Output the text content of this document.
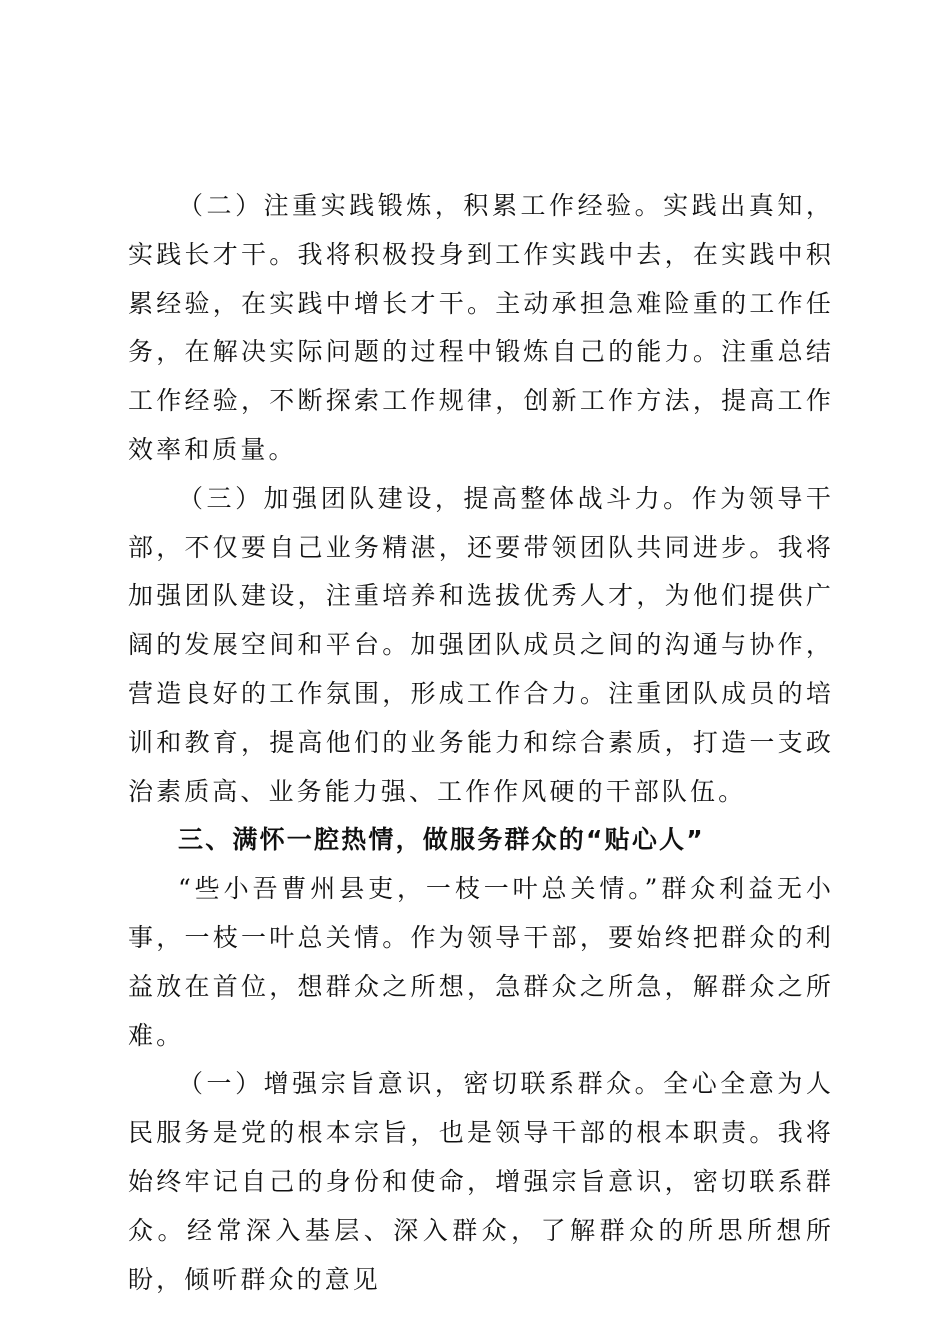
（二）注重实践锻炼，积累工作经验。实践出真知，实践长才干。我将积极投身到工作实践中去，在实践中积累经验，在实践中增长才干。主动承担急难险重的工作任务，在解决实际问题的过程中锻炼自己的能力。注重总结工作经验，不断探索工作规律，创新工作方法，提高工作效率和质量。

（三）加强团队建设，提高整体战斗力。作为领导干部，不仅要自己业务精湛，还要带领团队共同进步。我将加强团队建设，注重培养和选拔优秀人才，为他们提供广阔的发展空间和平台。加强团队成员之间的沟通与协作，营造良好的工作氛围，形成工作合力。注重团队成员的培训和教育，提高他们的业务能力和综合素质，打造一支政治素质高、业务能力强、工作作风硬的干部队伍。

三、满怀一腔热情，做服务群众的“贴心人”

“些小吾曹州县吏，一枝一叶总关情。”群众利益无小事，一枝一叶总关情。作为领导干部，要始终把群众的利益放在首位，想群众之所想，急群众之所急，解群众之所难。

（一）增强宗旨意识，密切联系群众。全心全意为人民服务是党的根本宗旨，也是领导干部的根本职责。我将始终牢记自己的身份和使命，增强宗旨意识，密切联系群众。经常深入基层、深入群众，了解群众的所思所想所盼，倾听群众的意见
